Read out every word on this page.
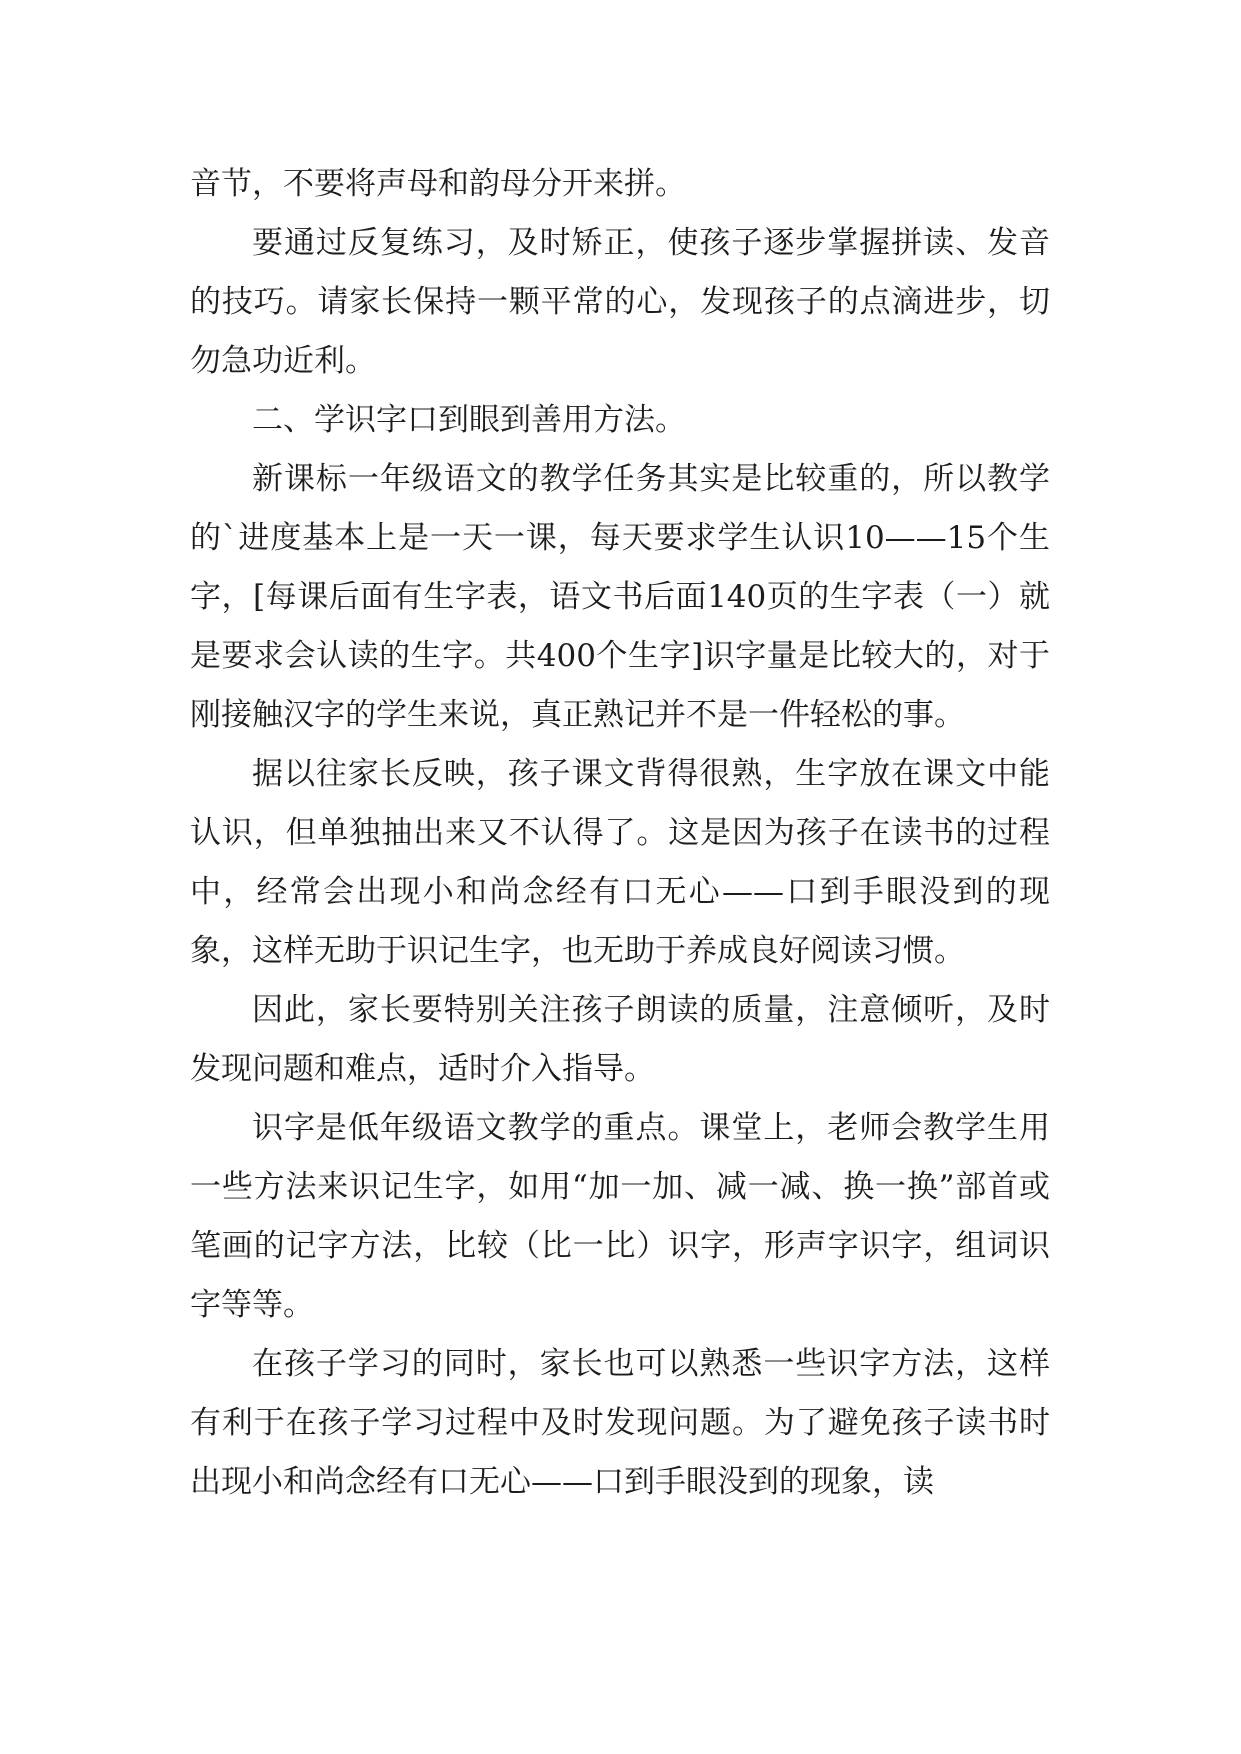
音节，不要将声母和韵母分开来拼。

要通过反复练习，及时矫正，使孩子逐步掌握拼读、发音的技巧。请家长保持一颗平常的心，发现孩子的点滴进步，切勿急功近利。

二、学识字口到眼到善用方法。

新课标一年级语文的教学任务其实是比较重的，所以教学的`进度基本上是一天一课，每天要求学生认识10——15个生字，[每课后面有生字表，语文书后面140页的生字表（一）就是要求会认读的生字。共400个生字]识字量是比较大的，对于刚接触汉字的学生来说，真正熟记并不是一件轻松的事。

据以往家长反映，孩子课文背得很熟，生字放在课文中能认识，但单独抽出来又不认得了。这是因为孩子在读书的过程中，经常会出现小和尚念经有口无心——口到手眼没到的现象，这样无助于识记生字，也无助于养成良好阅读习惯。

因此，家长要特别关注孩子朗读的质量，注意倾听，及时发现问题和难点，适时介入指导。

识字是低年级语文教学的重点。课堂上，老师会教学生用一些方法来识记生字，如用“加一加、减一减、换一换”部首或笔画的记字方法，比较（比一比）识字，形声字识字，组词识字等等。

在孩子学习的同时，家长也可以熟悉一些识字方法，这样有利于在孩子学习过程中及时发现问题。为了避免孩子读书时出现小和尚念经有口无心——口到手眼没到的现象，读
